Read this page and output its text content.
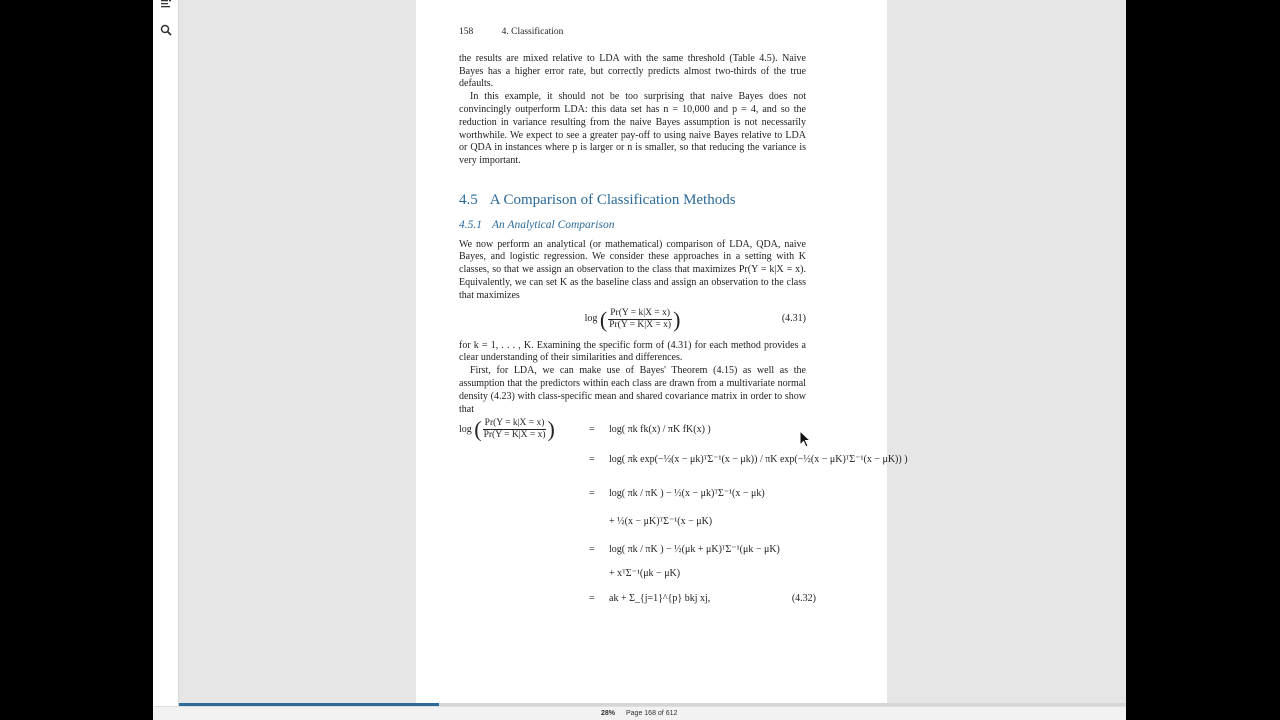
158	4. Classification

the results are mixed relative to LDA with the same threshold (Table 4.5). Naive Bayes has a higher error rate, but correctly predicts almost two-thirds of the true defaults.

In this example, it should not be too surprising that naive Bayes does not convincingly outperform LDA: this data set has n = 10,000 and p = 4, and so the reduction in variance resulting from the naive Bayes assumption is not necessarily worthwhile. We expect to see a greater pay-off to using naive Bayes relative to LDA or QDA in instances where p is larger or n is smaller, so that reducing the variance is very important.

4.5 A Comparison of Classification Methods
4.5.1 An Analytical Comparison

We now perform an analytical (or mathematical) comparison of LDA, QDA, naive Bayes, and logistic regression. We consider these approaches in a setting with K classes, so that we assign an observation to the class that maximizes Pr(Y = k|X = x). Equivalently, we can set K as the baseline class and assign an observation to the class that maximizes

log
( $\frac{Pr(Y = k|X = x)}{Pr(Y = K|X = x)}$ )	(4.31)

for k = 1, . . . , K. Examining the specific form of (4.31) for each method provides a clear understanding of their similarities and differences.

First, for LDA, we can make use of Bayes' Theorem (4.15) as well as the assumption that the predictors within each class are drawn from a multivariate normal density (4.23) with class-specific mean and shared covariance matrix in order to show that

log ( $\frac{Pr(Y = k|X = x)}{Pr(Y = K|X = x)}$ )	= log( πk fk(x) / πK fK(x) )
= log( πk exp(−½(x − μk)ᵀΣ⁻¹(x − μk)) / πK exp(−½(x − μK)ᵀΣ⁻¹(x − μK)) )
= log( πk / πK ) − ½(x − μk)ᵀΣ⁻¹(x − μk)
+ ½(x − μK)ᵀΣ⁻¹(x − μK)
= log( πk / πK ) − ½(μk + μK)ᵀΣ⁻¹(μk − μK)
+ xᵀΣ⁻¹(μk − μK)
= ak + Σ_{j=1}^{p} bkj xj,	(4.32)
28% Page 168 of 612
